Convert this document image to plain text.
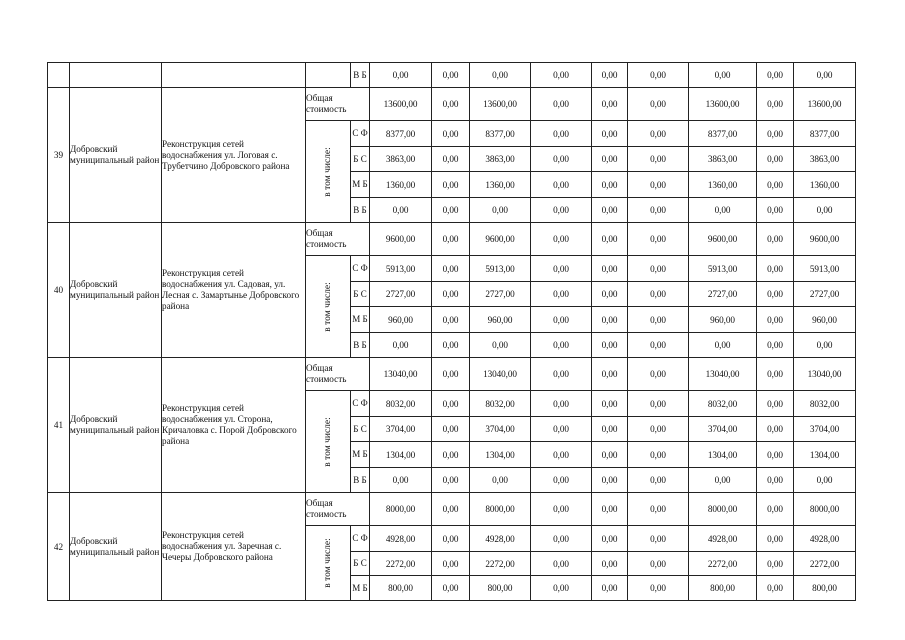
				В Б	0,00	0,00	0,00	0,00	0,00	0,00	0,00	0,00	0,00
39	Добровский муниципальный район	Реконструкция сетей водоснабжения ул. Логовая с. Трубетчино Добровского района	Общая стоимость		13600,00	0,00	13600,00	0,00	0,00	0,00	13600,00	0,00	13600,00

			в том числе:	С Ф	8377,00	0,00	8377,00	0,00	0,00	0,00	8377,00	0,00	8377,00
				Б С	3863,00	0,00	3863,00	0,00	0,00	0,00	3863,00	0,00	3863,00
				М Б	1360,00	0,00	1360,00	0,00	0,00	0,00	1360,00	0,00	1360,00
				В Б	0,00	0,00	0,00	0,00	0,00	0,00	0,00	0,00	0,00
40	Добровский муниципальный район	Реконструкция сетей водоснабжения ул. Садовая, ул. Лесная с. Замартынье Добровского района	Общая стоимость		9600,00	0,00	9600,00	0,00	0,00	0,00	9600,00	0,00	9600,00

			в том числе:	С Ф	5913,00	0,00	5913,00	0,00	0,00	0,00	5913,00	0,00	5913,00
				Б С	2727,00	0,00	2727,00	0,00	0,00	0,00	2727,00	0,00	2727,00
				М Б	960,00	0,00	960,00	0,00	0,00	0,00	960,00	0,00	960,00
				В Б	0,00	0,00	0,00	0,00	0,00	0,00	0,00	0,00	0,00
41	Добровский муниципальный район	Реконструкция сетей водоснабжения ул. Сторона, Кричаловка с. Порой Добровского района	Общая стоимость		13040,00	0,00	13040,00	0,00	0,00	0,00	13040,00	0,00	13040,00

			в том числе:	С Ф	8032,00	0,00	8032,00	0,00	0,00	0,00	8032,00	0,00	8032,00
				Б С	3704,00	0,00	3704,00	0,00	0,00	0,00	3704,00	0,00	3704,00
				М Б	1304,00	0,00	1304,00	0,00	0,00	0,00	1304,00	0,00	1304,00
				В Б	0,00	0,00	0,00	0,00	0,00	0,00	0,00	0,00	0,00
42	Добровский муниципальный район	Реконструкция сетей водоснабжения ул. Заречная с. Чечеры Добровского района	Общая стоимость		8000,00	0,00	8000,00	0,00	0,00	0,00	8000,00	0,00	8000,00

			в том числе:	С Ф	4928,00	0,00	4928,00	0,00	0,00	0,00	4928,00	0,00	4928,00
				Б С	2272,00	0,00	2272,00	0,00	0,00	0,00	2272,00	0,00	2272,00
				М Б	800,00	0,00	800,00	0,00	0,00	0,00	800,00	0,00	800,00
